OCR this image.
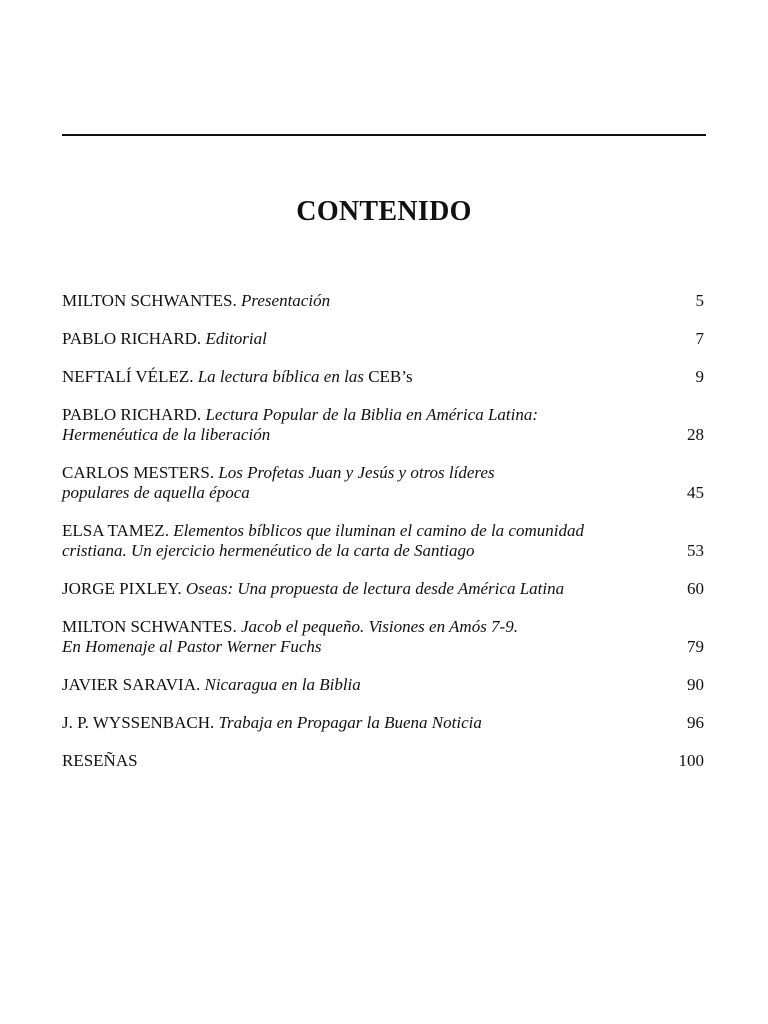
CONTENIDO
MILTON SCHWANTES. Presentación	5
PABLO RICHARD. Editorial	7
NEFTALÍ VÉLEZ. La lectura bíblica en las CEB’s	9
PABLO RICHARD. Lectura Popular de la Biblia en América Latina:
Hermenéutica de la liberación	28
CARLOS MESTERS. Los Profetas Juan y Jesús y otros líderes
populares de aquella época	45
ELSA TAMEZ. Elementos bíblicos que iluminan el camino de la comunidad
cristiana. Un ejercicio hermenéutico de la carta de Santiago	53
JORGE PIXLEY. Oseas: Una propuesta de lectura desde América Latina	60
MILTON SCHWANTES. Jacob el pequeño. Visiones en Amós 7-9.
En Homenaje al Pastor Werner Fuchs	79
JAVIER SARAVIA. Nicaragua en la Biblia	90
J. P. WYSSENBACH. Trabaja en Propagar la Buena Noticia	96
RESEÑAS	100
